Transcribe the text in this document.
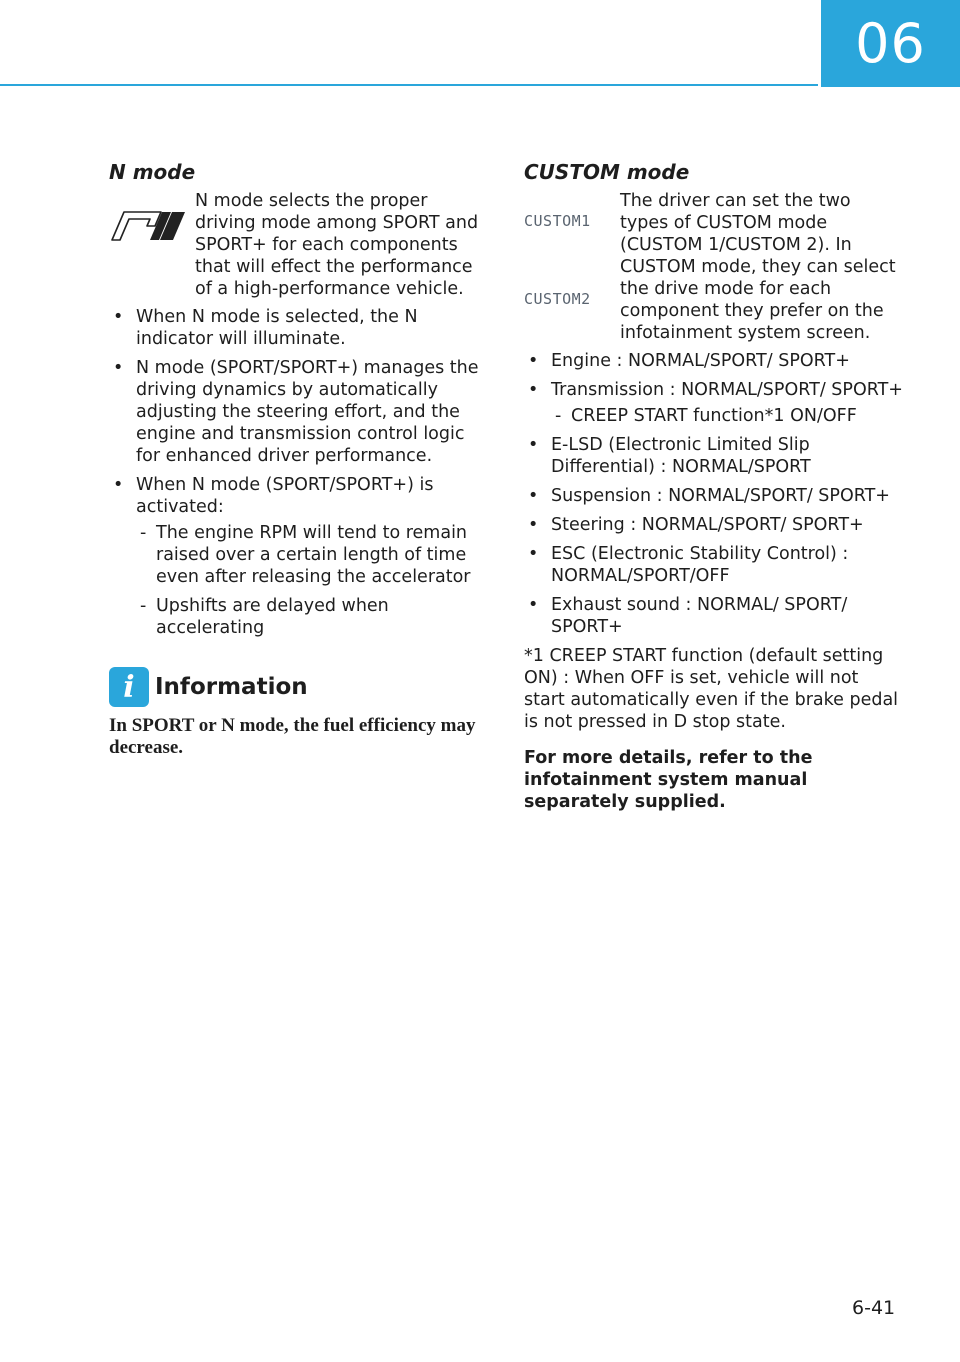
06
N mode

N mode selects the proper driving mode among SPORT and SPORT+ for each components that will effect the performance of a high-performance vehicle.

• When N mode is selected, the N indicator will illuminate.
• N mode (SPORT/SPORT+) manages the driving dynamics by automatically adjusting the steering effort, and the engine and transmission control logic for enhanced driver performance.
• When N mode (SPORT/SPORT+) is activated:
- The engine RPM will tend to remain raised over a certain length of time even after releasing the accelerator
- Upshifts are delayed when accelerating
i Information
In SPORT or N mode, the fuel efficiency may decrease.
CUSTOM mode
CUSTOM1
CUSTOM2

The driver can set the two types of CUSTOM mode (CUSTOM 1/CUSTOM 2). In CUSTOM mode, they can select the drive mode for each component they prefer on the infotainment system screen.

• Engine : NORMAL/SPORT/ SPORT+
• Transmission : NORMAL/SPORT/ SPORT+
- CREEP START function*1 ON/OFF
• E-LSD (Electronic Limited Slip Differential) : NORMAL/SPORT
• Suspension : NORMAL/SPORT/ SPORT+
• Steering : NORMAL/SPORT/ SPORT+
• ESC (Electronic Stability Control) : NORMAL/SPORT/OFF
• Exhaust sound : NORMAL/ SPORT/ SPORT+
*1 CREEP START function (default setting ON) : When OFF is set, vehicle will not start automatically even if the brake pedal is not pressed in D stop state.
For more details, refer to the infotainment system manual separately supplied.
6-41
